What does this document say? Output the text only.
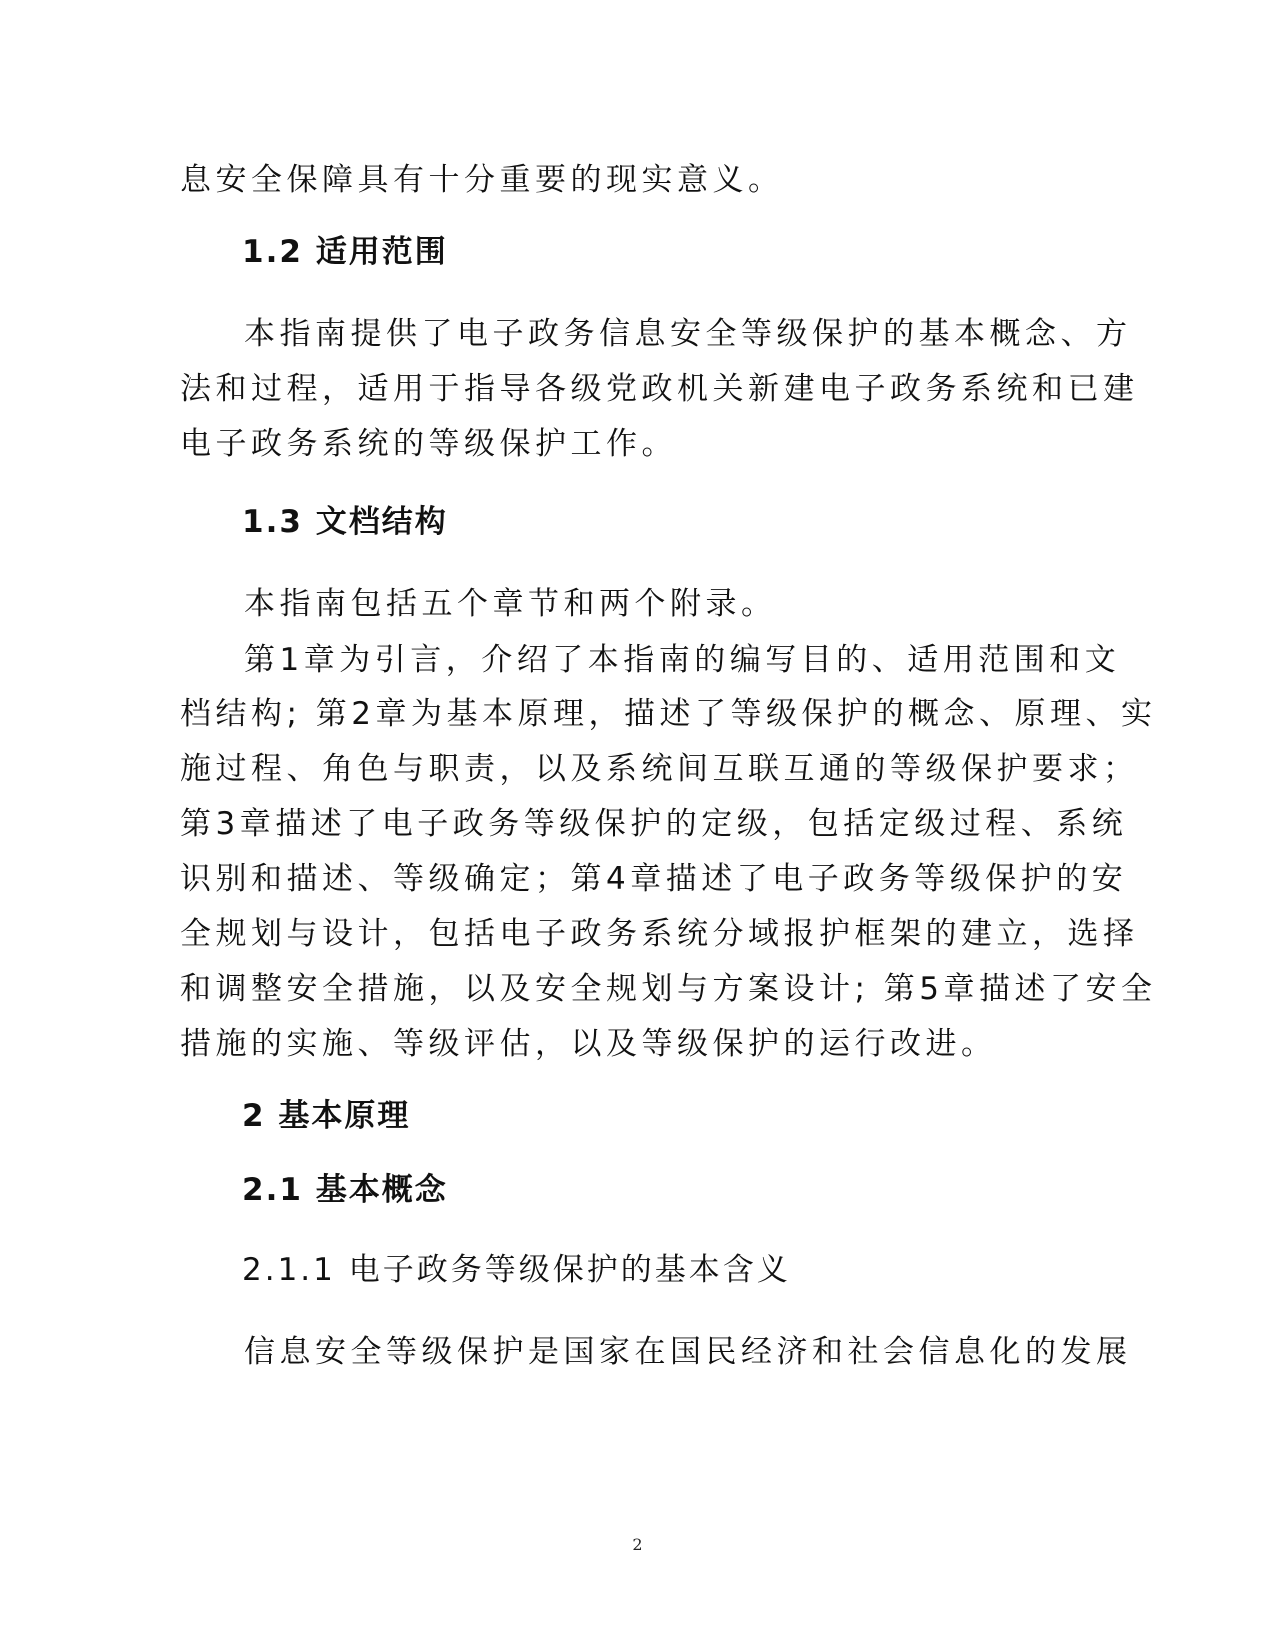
息安全保障具有十分重要的现实意义。

1.2 适用范围

本指南提供了电子政务信息安全等级保护的基本概念、方

法和过程，适用于指导各级党政机关新建电子政务系统和已建

电子政务系统的等级保护工作。

1.3 文档结构

本指南包括五个章节和两个附录。

第1章为引言，介绍了本指南的编写目的、适用范围和文

档结构; 第2章为基本原理，描述了等级保护的概念、原理、实

施过程、角色与职责，以及系统间互联互通的等级保护要求；

第3章描述了电子政务等级保护的定级，包括定级过程、系统

识别和描述、等级确定；第4章描述了电子政务等级保护的安

全规划与设计，包括电子政务系统分域报护框架的建立，选择

和调整安全措施，以及安全规划与方案设计; 第5章描述了安全

措施的实施、等级评估，以及等级保护的运行改进。

2 基本原理

2.1 基本概念

2.1.1 电子政务等级保护的基本含义

信息安全等级保护是国家在国民经济和社会信息化的发展

2
